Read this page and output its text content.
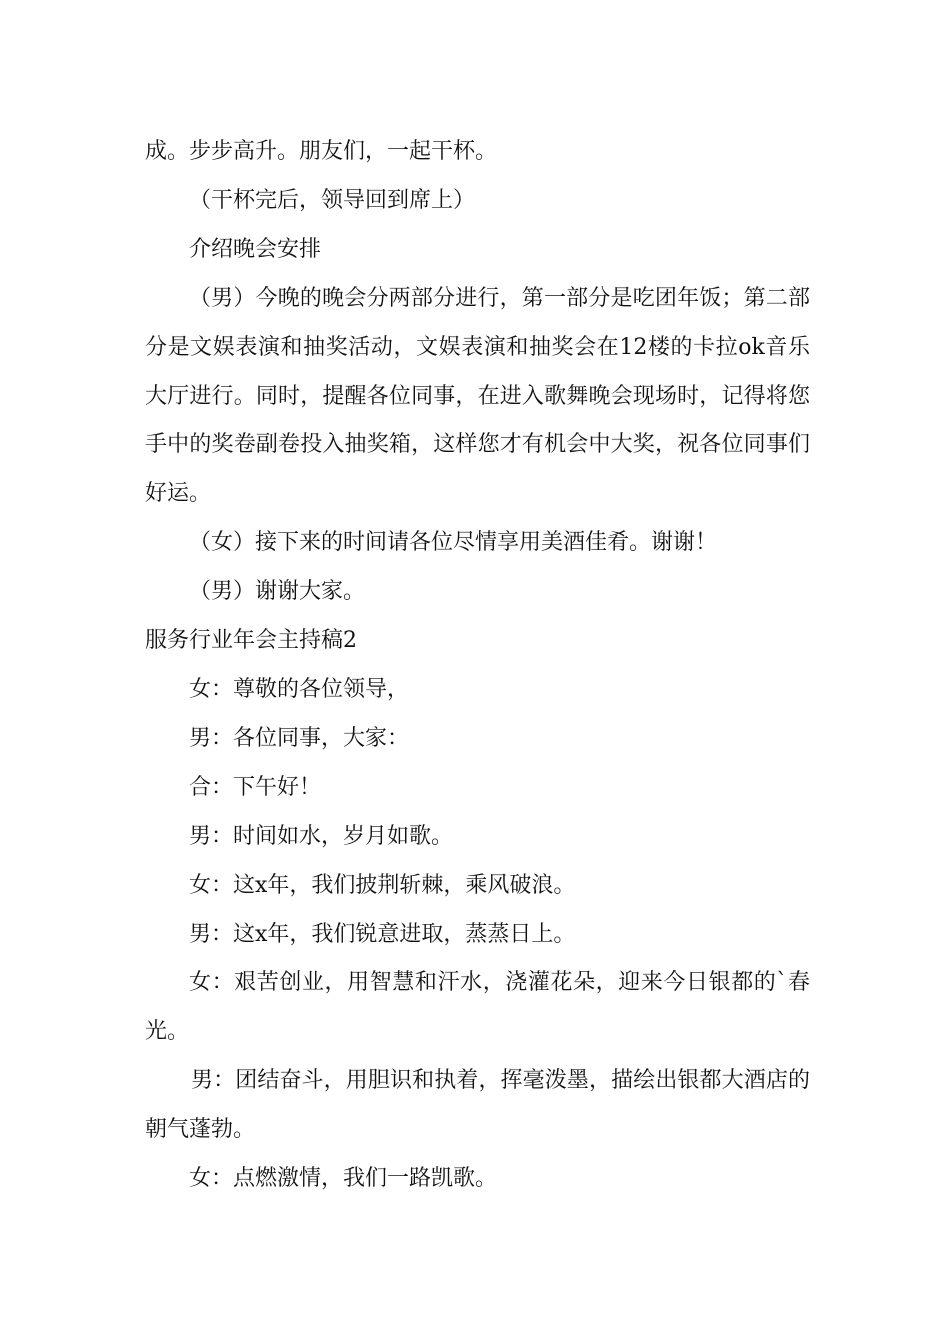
成。步步高升。朋友们，一起干杯。

（干杯完后，领导回到席上）

介绍晚会安排

（男）今晚的晚会分两部分进行，第一部分是吃团年饭；第二部分是文娱表演和抽奖活动，文娱表演和抽奖会在12楼的卡拉ok音乐大厅进行。同时，提醒各位同事，在进入歌舞晚会现场时，记得将您手中的奖卷副卷投入抽奖箱，这样您才有机会中大奖，祝各位同事们好运。

（女）接下来的时间请各位尽情享用美酒佳肴。谢谢！

（男）谢谢大家。

服务行业年会主持稿2

女：尊敬的各位领导，

男：各位同事，大家：

合：下午好！

男：时间如水，岁月如歌。

女：这x年，我们披荆斩棘，乘风破浪。

男：这x年，我们锐意进取，蒸蒸日上。

女：艰苦创业，用智慧和汗水，浇灌花朵，迎来今日银都的`春光。

男：团结奋斗，用胆识和执着，挥毫泼墨，描绘出银都大酒店的朝气蓬勃。

女：点燃激情，我们一路凯歌。
